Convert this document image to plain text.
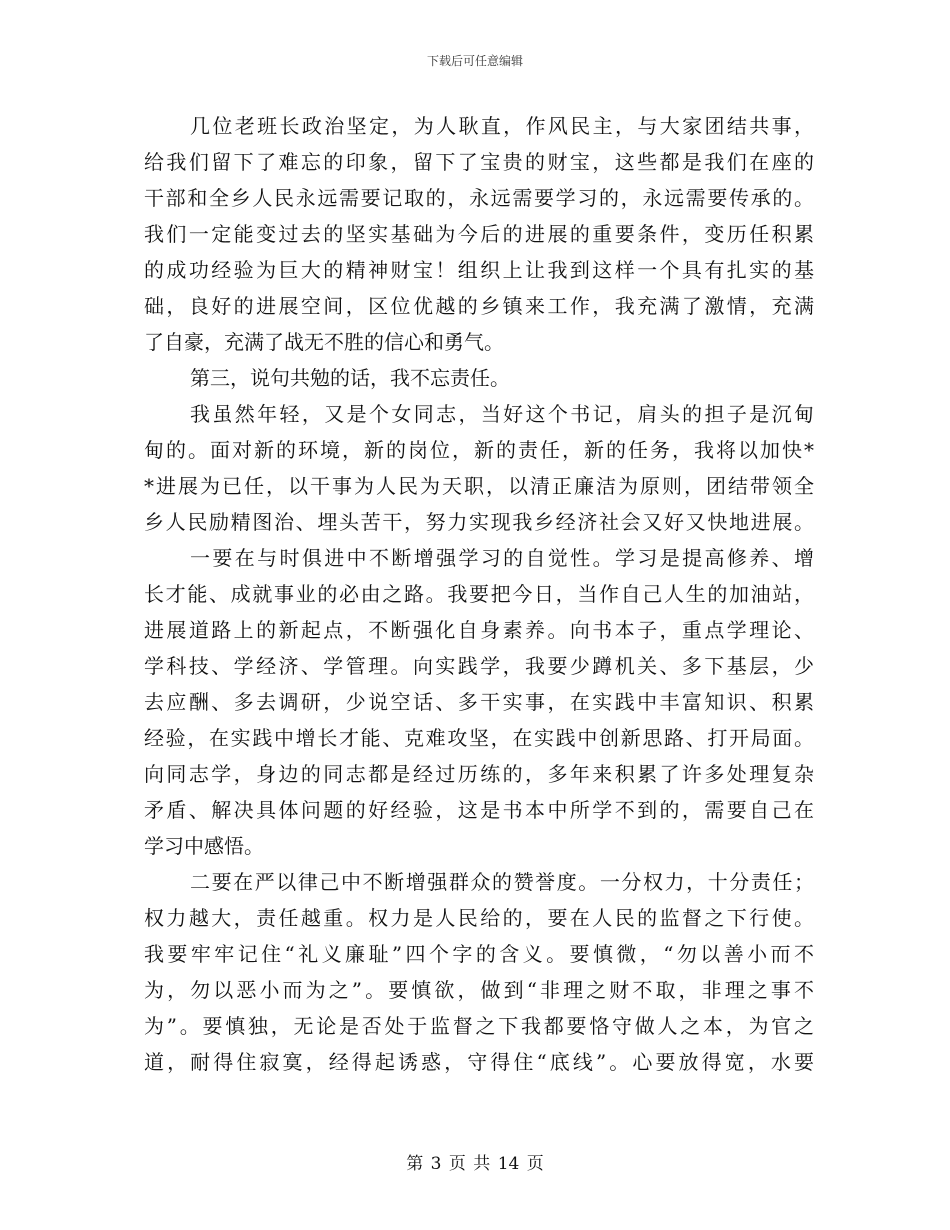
下载后可任意编辑
几位老班长政治坚定，为人耿直，作风民主，与大家团结共事，
给我们留下了难忘的印象，留下了宝贵的财宝，这些都是我们在座的
干部和全乡人民永远需要记取的，永远需要学习的，永远需要传承的。
我们一定能变过去的坚实基础为今后的进展的重要条件，变历任积累
的成功经验为巨大的精神财宝！组织上让我到这样一个具有扎实的基
础，良好的进展空间，区位优越的乡镇来工作，我充满了激情，充满
了自豪，充满了战无不胜的信心和勇气。
第三，说句共勉的话，我不忘责任。
我虽然年轻，又是个女同志，当好这个书记，肩头的担子是沉甸
甸的。面对新的环境，新的岗位，新的责任，新的任务，我将以加快*
*进展为已任，以干事为人民为天职，以清正廉洁为原则，团结带领全
乡人民励精图治、埋头苦干，努力实现我乡经济社会又好又快地进展。
一要在与时俱进中不断增强学习的自觉性。学习是提高修养、增
长才能、成就事业的必由之路。我要把今日，当作自己人生的加油站，
进展道路上的新起点，不断强化自身素养。向书本子，重点学理论、
学科技、学经济、学管理。向实践学，我要少蹲机关、多下基层，少
去应酬、多去调研，少说空话、多干实事，在实践中丰富知识、积累
经验，在实践中增长才能、克难攻坚，在实践中创新思路、打开局面。
向同志学，身边的同志都是经过历练的，多年来积累了许多处理复杂
矛盾、解决具体问题的好经验，这是书本中所学不到的，需要自己在
学习中感悟。
二要在严以律己中不断增强群众的赞誉度。一分权力，十分责任；
权力越大，责任越重。权力是人民给的，要在人民的监督之下行使。
我要牢牢记住“礼义廉耻”四个字的含义。要慎微，“勿以善小而不
为，勿以恶小而为之”。要慎欲，做到“非理之财不取，非理之事不
为”。要慎独，无论是否处于监督之下我都要恪守做人之本，为官之
道，耐得住寂寞，经得起诱惑，守得住“底线”。心要放得宽，水要
第 3 页 共 14 页
